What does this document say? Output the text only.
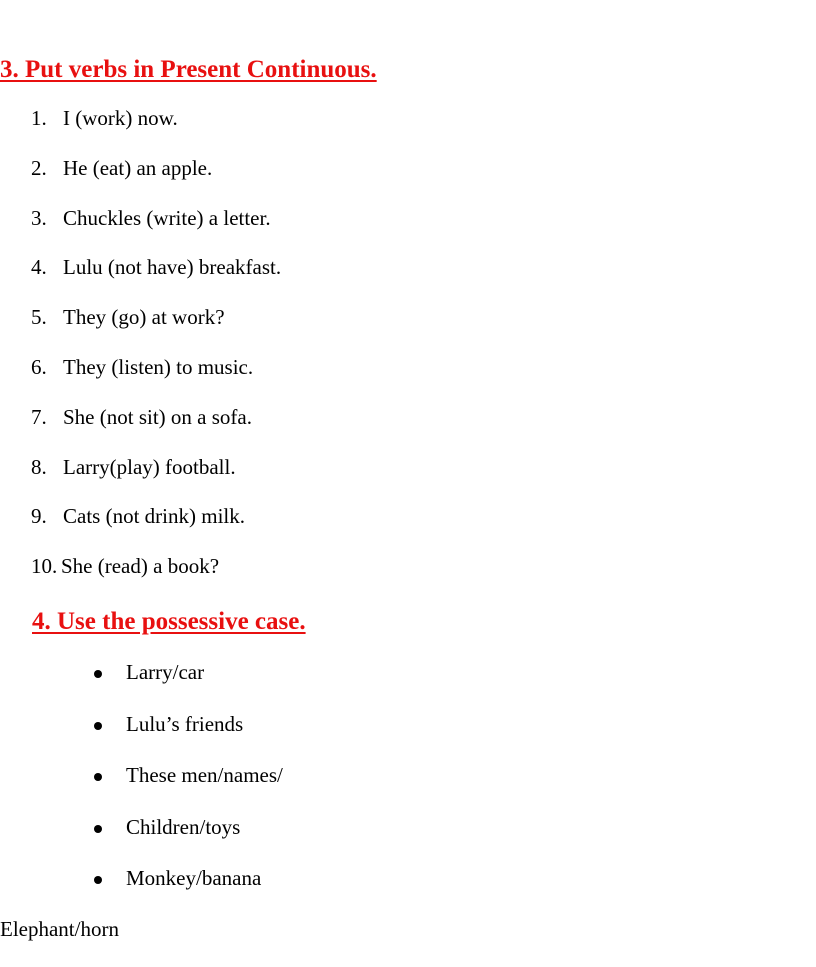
3. Put verbs in Present Continuous.
1. I (work) now.
2. He (eat) an apple.
3. Chuckles (write) a letter.
4. Lulu (not have) breakfast.
5. They (go) at work?
6. They (listen) to music.
7. She (not sit) on a sofa.
8. Larry(play) football.
9. Cats (not drink) milk.
10. She (read) a book?
4. Use the possessive case.
Larry/car
Lulu’s friends
These men/names/
Children/toys
Monkey/banana
Elephant/horn
